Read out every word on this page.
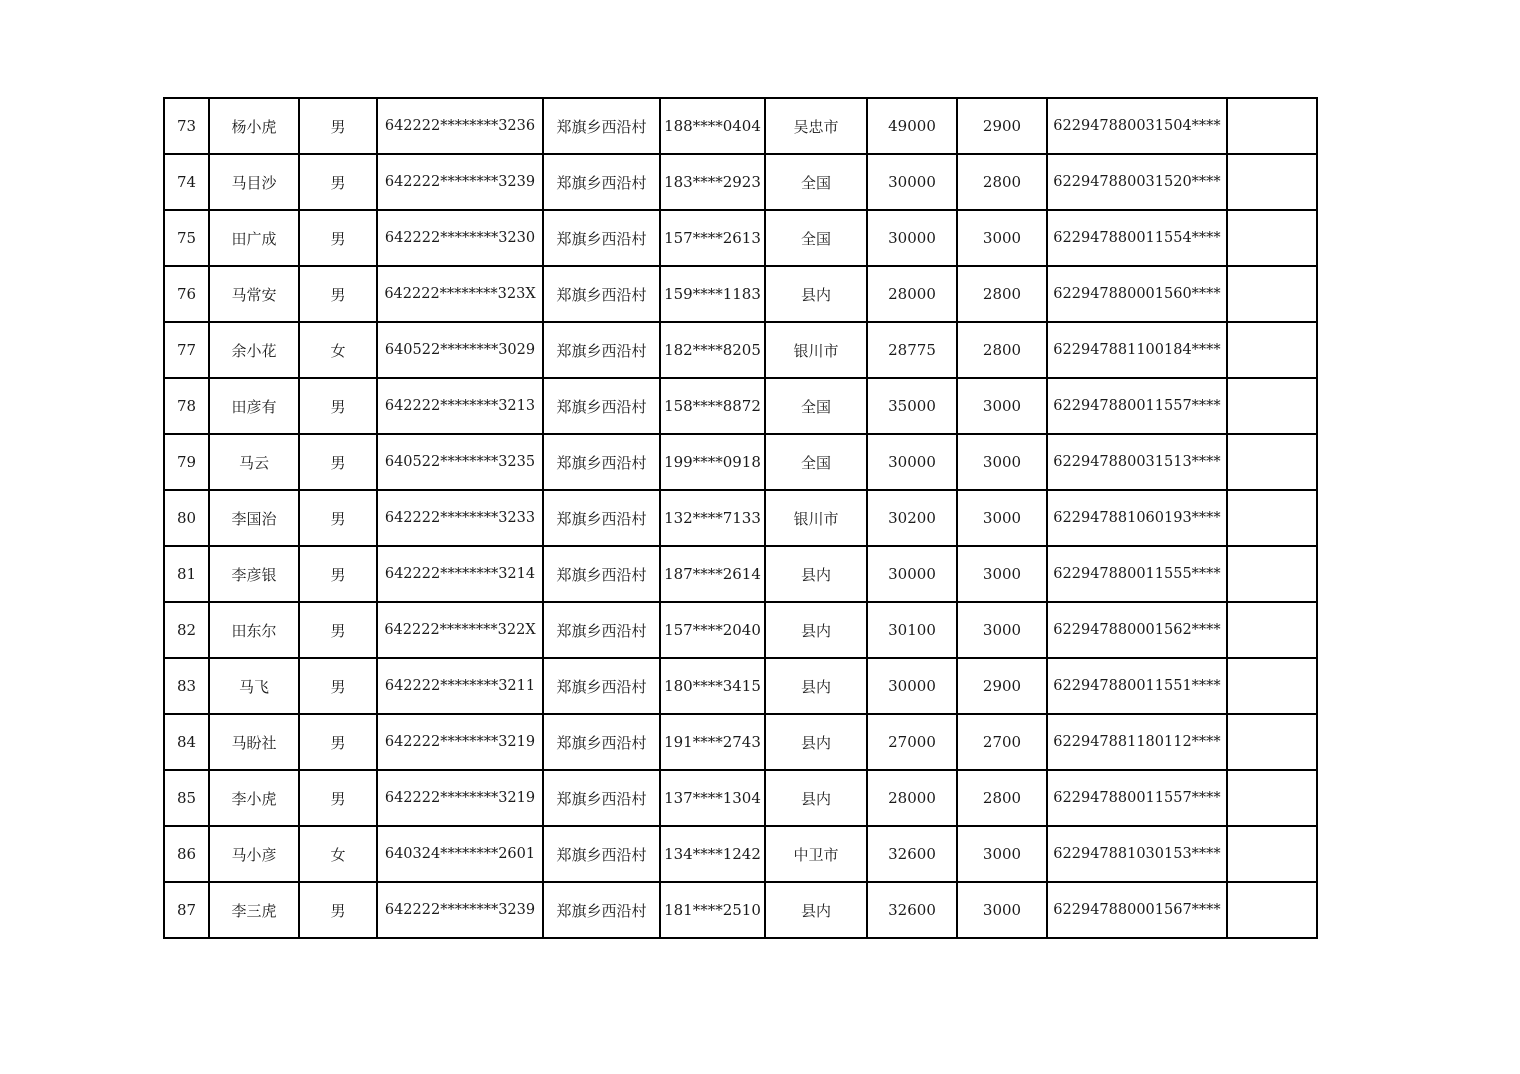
73	杨小虎	男	642222********3236	郑旗乡西沿村	188****0404	吴忠市	49000	2900	622947880031504****	
74	马目沙	男	642222********3239	郑旗乡西沿村	183****2923	全国	30000	2800	622947880031520****	
75	田广成	男	642222********3230	郑旗乡西沿村	157****2613	全国	30000	3000	622947880011554****	
76	马常安	男	642222********323X	郑旗乡西沿村	159****1183	县内	28000	2800	622947880001560****	
77	余小花	女	640522********3029	郑旗乡西沿村	182****8205	银川市	28775	2800	622947881100184****	
78	田彦有	男	642222********3213	郑旗乡西沿村	158****8872	全国	35000	3000	622947880011557****	
79	马云	男	640522********3235	郑旗乡西沿村	199****0918	全国	30000	3000	622947880031513****	
80	李国治	男	642222********3233	郑旗乡西沿村	132****7133	银川市	30200	3000	622947881060193****	
81	李彦银	男	642222********3214	郑旗乡西沿村	187****2614	县内	30000	3000	622947880011555****	
82	田东尔	男	642222********322X	郑旗乡西沿村	157****2040	县内	30100	3000	622947880001562****	
83	马飞	男	642222********3211	郑旗乡西沿村	180****3415	县内	30000	2900	622947880011551****	
84	马盼社	男	642222********3219	郑旗乡西沿村	191****2743	县内	27000	2700	622947881180112****	
85	李小虎	男	642222********3219	郑旗乡西沿村	137****1304	县内	28000	2800	622947880011557****	
86	马小彦	女	640324********2601	郑旗乡西沿村	134****1242	中卫市	32600	3000	622947881030153****	
87	李三虎	男	642222********3239	郑旗乡西沿村	181****2510	县内	32600	3000	622947880001567****	
